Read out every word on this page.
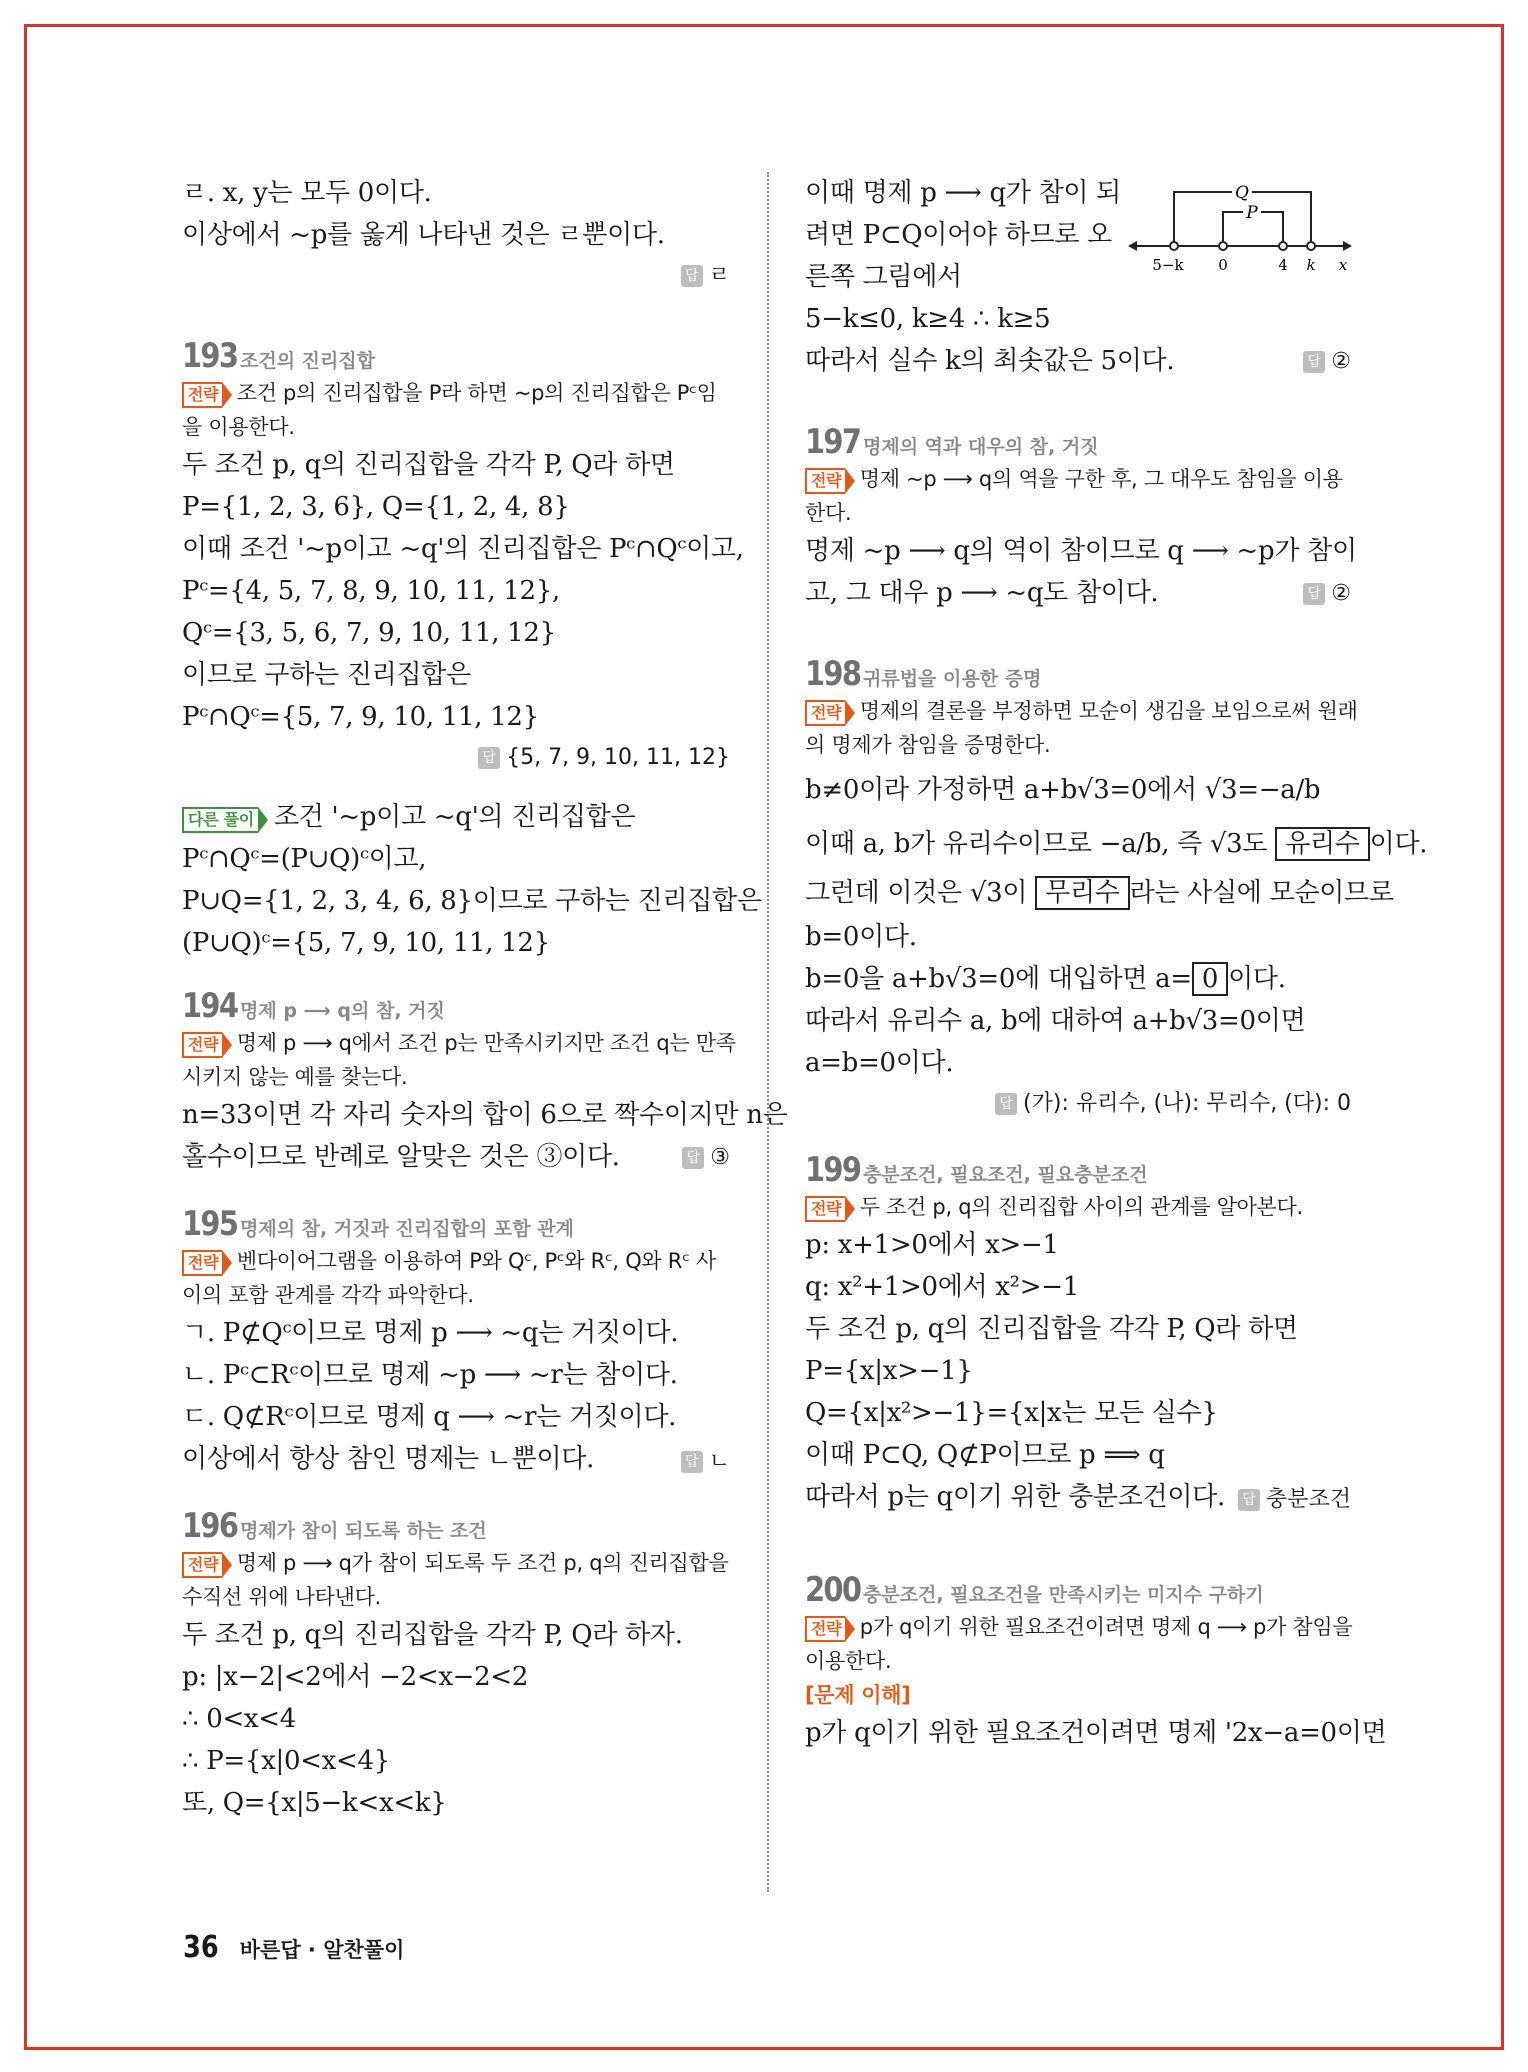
ㄹ. x, y는 모두 0이다.
이상에서 ~p를 옳게 나타낸 것은 ㄹ뿐이다.
답 ㄹ
193 조건의 진리집합
전략 조건 p의 진리집합을 P라 하면 ~p의 진리집합은 Pᶜ임
을 이용한다.
두 조건 p, q의 진리집합을 각각 P, Q라 하면
P={1, 2, 3, 6}, Q={1, 2, 4, 8}
이때 조건 '~p이고 ~q'의 진리집합은 Pᶜ∩Qᶜ이고,
Pᶜ={4, 5, 7, 8, 9, 10, 11, 12},
Qᶜ={3, 5, 6, 7, 9, 10, 11, 12}
이므로 구하는 진리집합은
Pᶜ∩Qᶜ={5, 7, 9, 10, 11, 12}
답 {5, 7, 9, 10, 11, 12}
다른 풀이 조건 '~p이고 ~q'의 진리집합은
Pᶜ∩Qᶜ=(P∪Q)ᶜ이고,
P∪Q={1, 2, 3, 4, 6, 8}이므로 구하는 진리집합은
(P∪Q)ᶜ={5, 7, 9, 10, 11, 12}
194 명제 p ⟶ q의 참, 거짓
전략 명제 p ⟶ q에서 조건 p는 만족시키지만 조건 q는 만족
시키지 않는 예를 찾는다.
n=33이면 각 자리 숫자의 합이 6으로 짝수이지만 n은
홀수이므로 반례로 알맞은 것은 ③이다.	답 ③
195 명제의 참, 거짓과 진리집합의 포함 관계
전략 벤다이어그램을 이용하여 P와 Qᶜ, Pᶜ와 Rᶜ, Q와 Rᶜ 사
이의 포함 관계를 각각 파악한다.
ㄱ. P⊄Qᶜ이므로 명제 p ⟶ ~q는 거짓이다.
ㄴ. Pᶜ⊂Rᶜ이므로 명제 ~p ⟶ ~r는 참이다.
ㄷ. Q⊄Rᶜ이므로 명제 q ⟶ ~r는 거짓이다.
이상에서 항상 참인 명제는 ㄴ뿐이다.	답 ㄴ
196 명제가 참이 되도록 하는 조건
전략 명제 p ⟶ q가 참이 되도록 두 조건 p, q의 진리집합을
수직선 위에 나타낸다.
두 조건 p, q의 진리집합을 각각 P, Q라 하자.
p: |x−2|<2에서 −2<x−2<2
∴ 0<x<4
∴ P={x|0<x<4}
또, Q={x|5−k<x<k}
이때 명제 p ⟶ q가 참이 되
려면 P⊂Q이어야 하므로 오
른쪽 그림에서
5−k≤0, k≥4 ∴ k≥5
따라서 실수 k의 최솟값은 5이다.	답 ②
197 명제의 역과 대우의 참, 거짓
전략 명제 ~p ⟶ q의 역을 구한 후, 그 대우도 참임을 이용
한다.
명제 ~p ⟶ q의 역이 참이므로 q ⟶ ~p가 참이
고, 그 대우 p ⟶ ~q도 참이다.	답 ②
198 귀류법을 이용한 증명
전략 명제의 결론을 부정하면 모순이 생김을 보임으로써 원래
의 명제가 참임을 증명한다.
b≠0이라 가정하면 a+b√3=0에서 √3=−a/b
이때 a, b가 유리수이므로 −a/b, 즉 √3도 유리수 이다.
그런데 이것은 √3이 무리수 라는 사실에 모순이므로
b=0이다.
b=0을 a+b√3=0에 대입하면 a= 0 이다.
따라서 유리수 a, b에 대하여 a+b√3=0이면
a=b=0이다.
답 (가): 유리수, (나): 무리수, (다): 0
199 충분조건, 필요조건, 필요충분조건
전략 두 조건 p, q의 진리집합 사이의 관계를 알아본다.
p: x+1>0에서 x>−1
q: x²+1>0에서 x²>−1
두 조건 p, q의 진리집합을 각각 P, Q라 하면
P={x|x>−1}
Q={x|x²>−1}={x|x는 모든 실수}
이때 P⊂Q, Q⊄P이므로 p ⟹ q
따라서 p는 q이기 위한 충분조건이다.	답 충분조건
200 충분조건, 필요조건을 만족시키는 미지수 구하기
전략 p가 q이기 위한 필요조건이려면 명제 q ⟶ p가 참임을
이용한다.
[문제 이해]
p가 q이기 위한 필요조건이려면 명제 '2x−a=0이면
Q
P
5−k 0	4 k x
36 바른답 · 알찬풀이
